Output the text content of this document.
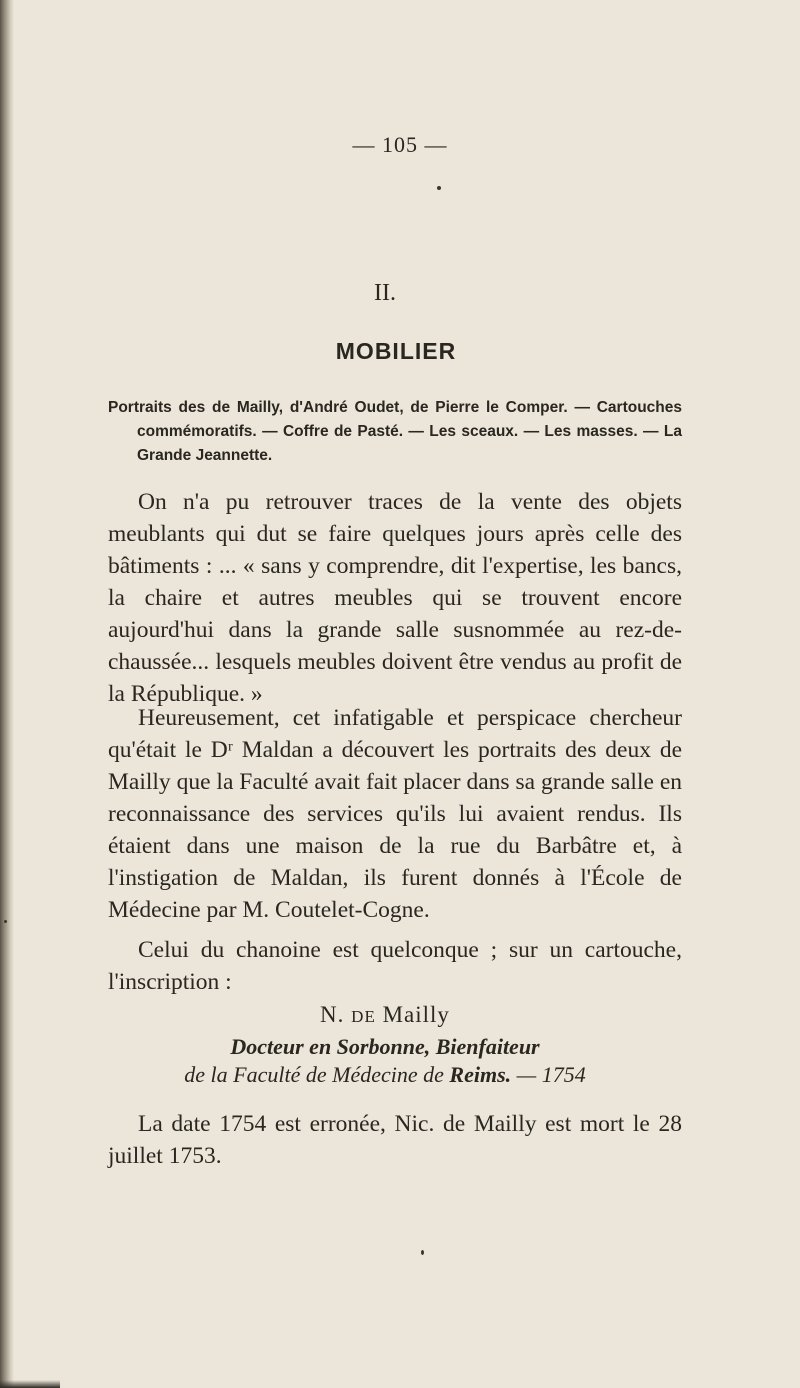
— 105 —
II.
MOBILIER
Portraits des de Mailly, d'André Oudet, de Pierre le Comper. — Cartouches commémoratifs. — Coffre de Pasté. — Les sceaux. — Les masses. — La Grande Jeannette.

On n'a pu retrouver traces de la vente des objets meublants qui dut se faire quelques jours après celle des bâtiments : ... « sans y comprendre, dit l'expertise, les bancs, la chaire et autres meubles qui se trouvent encore aujourd'hui dans la grande salle susnommée au rez-de-chaussée... lesquels meubles doivent être vendus au profit de la République. »

Heureusement, cet infatigable et perspicace chercheur qu'était le Dʳ Maldan a découvert les portraits des deux de Mailly que la Faculté avait fait placer dans sa grande salle en reconnaissance des services qu'ils lui avaient rendus. Ils étaient dans une maison de la rue du Barbâtre et, à l'instigation de Maldan, ils furent donnés à l'École de Médecine par M. Coutelet-Cogne.

Celui du chanoine est quelconque ; sur un cartouche, l'inscription :

N. DE Mailly
Docteur en Sorbonne, Bienfaiteur
de la Faculté de Médecine de Reims. — 1754

La date 1754 est erronée, Nic. de Mailly est mort le 28 juillet 1753.
